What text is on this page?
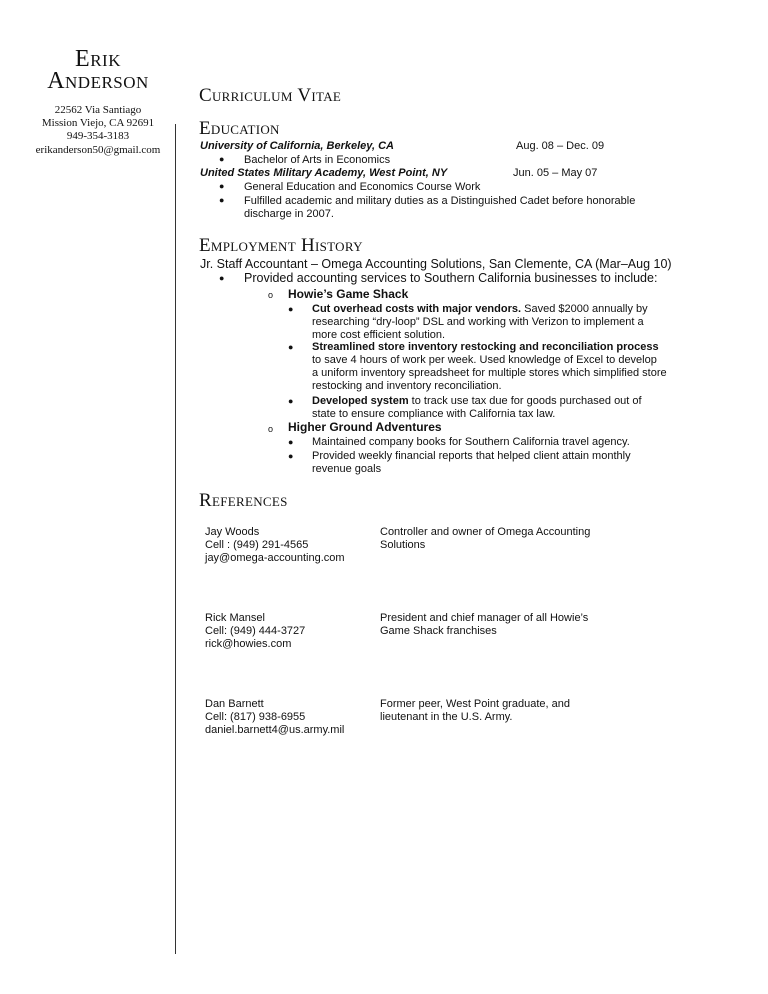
Erik
Anderson
22562 Via Santiago
Mission Viejo, CA 92691
949-354-3183
erikanderson50@gmail.com
Curriculum Vitae
Education
University of California, Berkeley, CA	Aug. 08 – Dec. 09
● Bachelor of Arts in Economics
United States Military Academy, West Point, NY	Jun. 05 – May 07
● General Education and Economics Course Work
● Fulfilled academic and military duties as a Distinguished Cadet before honorable
discharge in 2007.
Employment History
Jr. Staff Accountant – Omega Accounting Solutions, San Clemente, CA (Mar–Aug 10)
● Provided accounting services to Southern California businesses to include:
o Howie’s Game Shack
● Cut overhead costs with major vendors. Saved $2000 annually by
researching “dry-loop” DSL and working with Verizon to implement a
more cost efficient solution.
● Streamlined store inventory restocking and reconciliation process
to save 4 hours of work per week. Used knowledge of Excel to develop
a uniform inventory spreadsheet for multiple stores which simplified store
restocking and inventory reconciliation.
● Developed system to track use tax due for goods purchased out of
state to ensure compliance with California tax law.
o Higher Ground Adventures
● Maintained company books for Southern California travel agency.
● Provided weekly financial reports that helped client attain monthly
revenue goals
References
Jay Woods
Cell : (949) 291-4565
jay@omega-accounting.com
Controller and owner of Omega Accounting
Solutions
Rick Mansel
Cell: (949) 444-3727
rick@howies.com
President and chief manager of all Howie’s
Game Shack franchises
Dan Barnett
Cell: (817) 938-6955
daniel.barnett4@us.army.mil
Former peer, West Point graduate, and
lieutenant in the U.S. Army.
